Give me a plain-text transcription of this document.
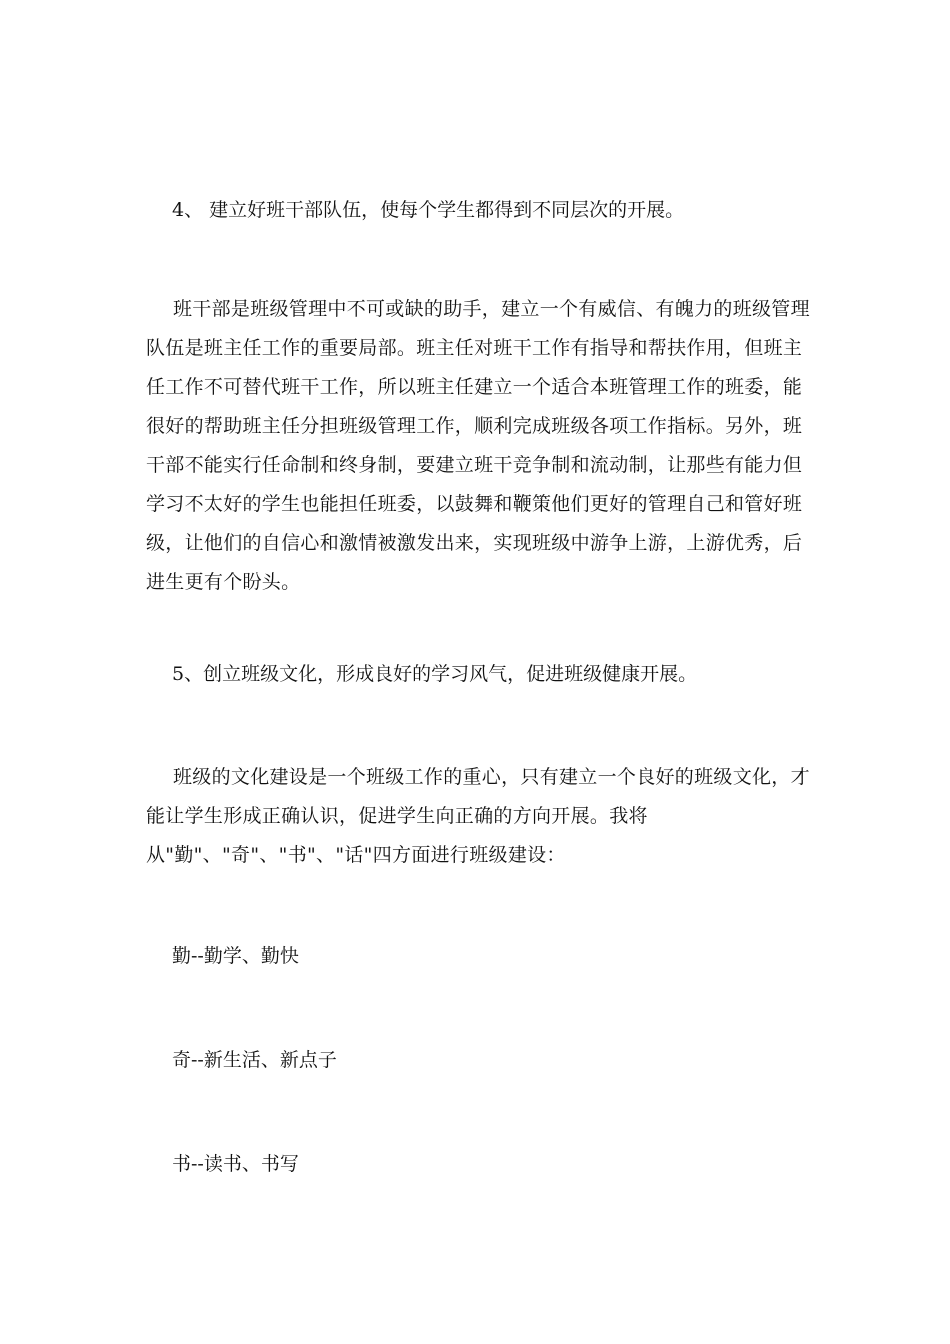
4、 建立好班干部队伍，使每个学生都得到不同层次的开展。
班干部是班级管理中不可或缺的助手，建立一个有威信、有魄力的班级管理
队伍是班主任工作的重要局部。班主任对班干工作有指导和帮扶作用，但班主
任工作不可替代班干工作，所以班主任建立一个适合本班管理工作的班委，能
很好的帮助班主任分担班级管理工作，顺利完成班级各项工作指标。另外，班
干部不能实行任命制和终身制，要建立班干竞争制和流动制，让那些有能力但
学习不太好的学生也能担任班委，以鼓舞和鞭策他们更好的管理自己和管好班
级，让他们的自信心和激情被激发出来，实现班级中游争上游，上游优秀，后
进生更有个盼头。
5、创立班级文化，形成良好的学习风气，促进班级健康开展。
班级的文化建设是一个班级工作的重心，只有建立一个良好的班级文化，才
能让学生形成正确认识，促进学生向正确的方向开展。我将
从"勤"、"奇"、"书"、"话"四方面进行班级建设：
勤--勤学、勤快
奇--新生活、新点子
书--读书、书写
